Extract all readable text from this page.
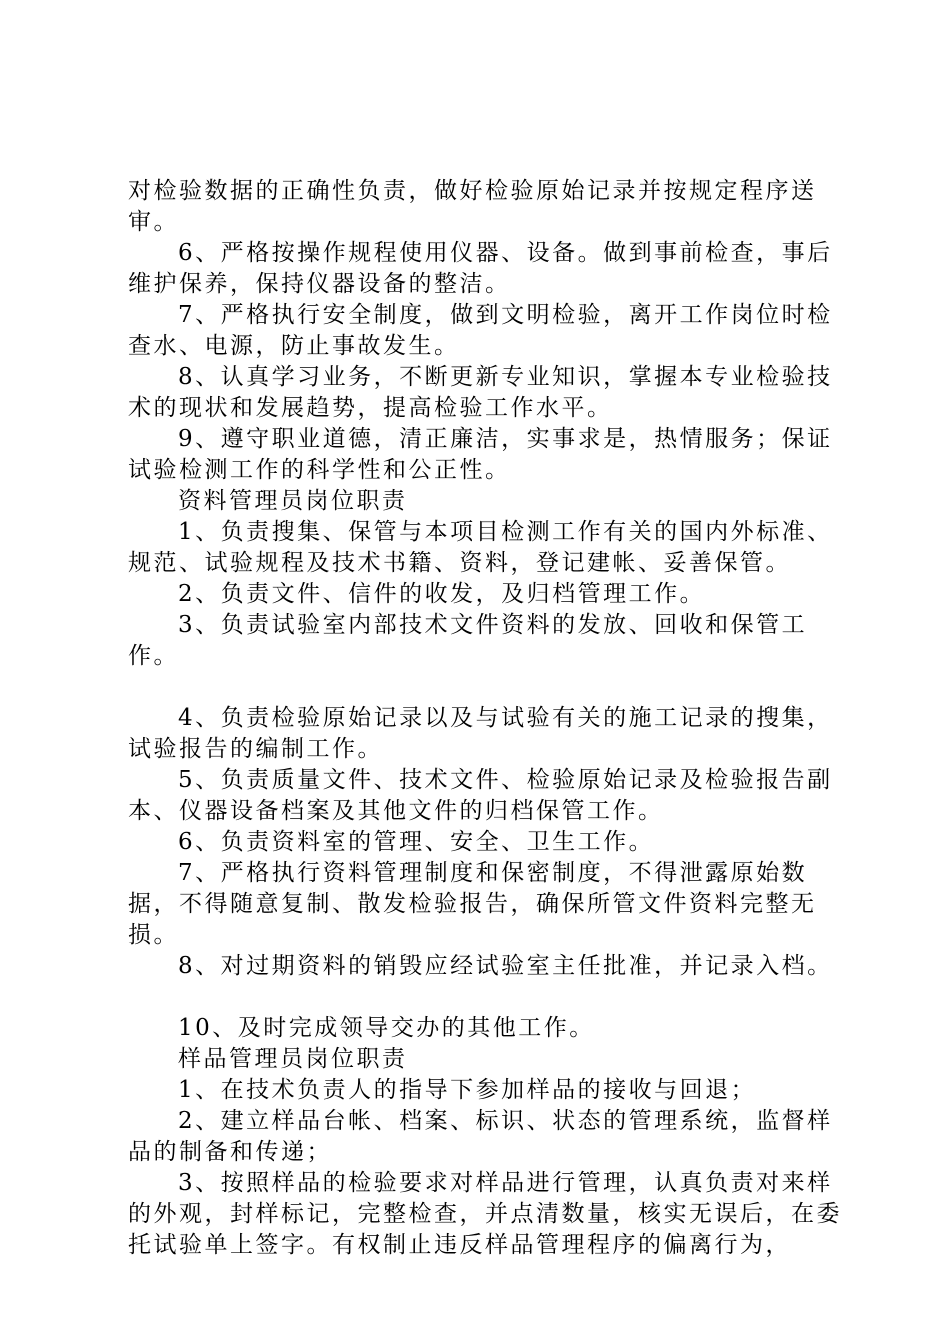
对检验数据的正确性负责，做好检验原始记录并按规定程序送审。

6、严格按操作规程使用仪器、设备。做到事前检查，事后维护保养，保持仪器设备的整洁。

7、严格执行安全制度，做到文明检验，离开工作岗位时检查水、电源，防止事故发生。

8、认真学习业务，不断更新专业知识，掌握本专业检验技术的现状和发展趋势，提高检验工作水平。

9、遵守职业道德，清正廉洁，实事求是，热情服务；保证试验检测工作的科学性和公正性。

资料管理员岗位职责

1、负责搜集、保管与本项目检测工作有关的国内外标准、规范、试验规程及技术书籍、资料，登记建帐、妥善保管。

2、负责文件、信件的收发，及归档管理工作。

3、负责试验室内部技术文件资料的发放、回收和保管工作。

4、负责检验原始记录以及与试验有关的施工记录的搜集，试验报告的编制工作。

5、负责质量文件、技术文件、检验原始记录及检验报告副本、仪器设备档案及其他文件的归档保管工作。

6、负责资料室的管理、安全、卫生工作。

7、严格执行资料管理制度和保密制度，不得泄露原始数据，不得随意复制、散发检验报告，确保所管文件资料完整无损。

8、对过期资料的销毁应经试验室主任批准，并记录入档。

10、及时完成领导交办的其他工作。

样品管理员岗位职责

1、在技术负责人的指导下参加样品的接收与回退；

2、建立样品台帐、档案、标识、状态的管理系统，监督样品的制备和传递；

3、按照样品的检验要求对样品进行管理，认真负责对来样的外观，封样标记，完整检查，并点清数量，核实无误后，在委托试验单上签字。有权制止违反样品管理程序的偏离行为，
